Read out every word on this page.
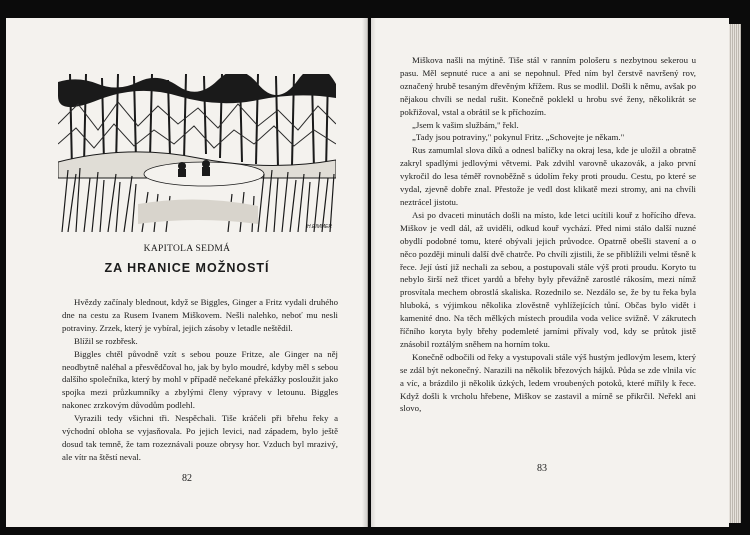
H.EIMMER
KAPITOLA SEDMÁ
ZA HRANICE MOŽNOSTÍ

Hvězdy začínaly blednout, když se Biggles, Ginger a Fritz vydali druhého dne na cestu za Rusem Ivanem Miškovem. Nešli nalehko, neboť mu nesli potraviny. Zrzek, který je vybíral, jejich zásoby v letadle neštědil.

Blížil se rozbřesk.

Biggles chtěl původně vzít s sebou pouze Fritze, ale Ginger na něj neodbytně naléhal a přesvědčoval ho, jak by bylo moudré, kdyby měl s sebou dalšího společníka, který by mohl v případě nečekané překážky posloužit jako spojka mezi průzkumníky a zbylými členy výpravy v letounu. Biggles nakonec zrzkovým důvodům podlehl.

Vyrazili tedy všichni tři. Nespěchali. Tiše kráčeli při břehu řeky a východní obloha se vyjasňovala. Po jejich levici, nad západem, bylo ještě dosud tak temně, že tam rozeznávali pouze obrysy hor. Vzduch byl mrazivý, ale vítr na štěstí neval.

82

Miškova našli na mýtině. Tiše stál v ranním pološeru s nezbytnou sekerou u pasu. Měl sepnuté ruce a ani se nepohnul. Před ním byl čerstvě navršený rov, označený hrubě tesaným dřevěným křížem. Rus se modlil. Došli k němu, avšak po nějakou chvíli se nedal rušit. Konečně poklekl u hrobu své ženy, několikrát se pokřižoval, vstal a obrátil se k příchozím.

„Jsem k vašim službám," řekl.

„Tady jsou potraviny," pokynul Fritz. „Schovejte je někam."

Rus zamumlal slova díků a odnesl balíčky na okraj lesa, kde je uložil a obratně zakryl spadlými jedlovými větvemi. Pak zdvihl varovně ukazovák, a jako první vykročil do lesa téměř rovnoběžně s údolím řeky proti proudu. Cestu, po které se vydal, zjevně dobře znal. Přestože je vedl dost klikatě mezi stromy, ani na chvíli neztrácel jistotu.

Asi po dvaceti minutách došli na místo, kde letci ucítili kouř z hořícího dřeva. Miškov je vedl dál, až uviděli, odkud kouř vychází. Před nimi stálo další nuzné obydlí podobné tomu, které obývali jejich průvodce. Opatrně obešli stavení a o něco později minuli další dvě chatrče. Po chvíli zjistili, že se přiblížili velmi těsně k řece. Její ústí již nechali za sebou, a postupovali stále výš proti proudu. Koryto tu nebylo širší než třicet yardů a břehy byly převážně zarostlé rákosím, mezi nímž prosvítala mechem obrostlá skaliska. Rozednilo se. Nezdálo se, že by tu řeka byla hluboká, s výjimkou několika zlověstně vyhlížejících tůní. Občas bylo vidět i kamenité dno. Na těch mělkých místech proudila voda velice svižně. V zákrutech říčního koryta byly břehy podemleté jarními přívaly vod, kdy se průtok jistě znásobil roztálým sněhem na horním toku.

Konečně odbočili od řeky a vystupovali stále výš hustým jedlovým lesem, který se zdál být nekonečný. Narazili na několik březových hájků. Půda se zde vlnila víc a víc, a brázdilo ji několik úzkých, ledem vroubených potoků, které mířily k řece. Když došli k vrcholu hřebene, Miškov se zastavil a mírně se přikrčil. Neřekl ani slovo,

83
